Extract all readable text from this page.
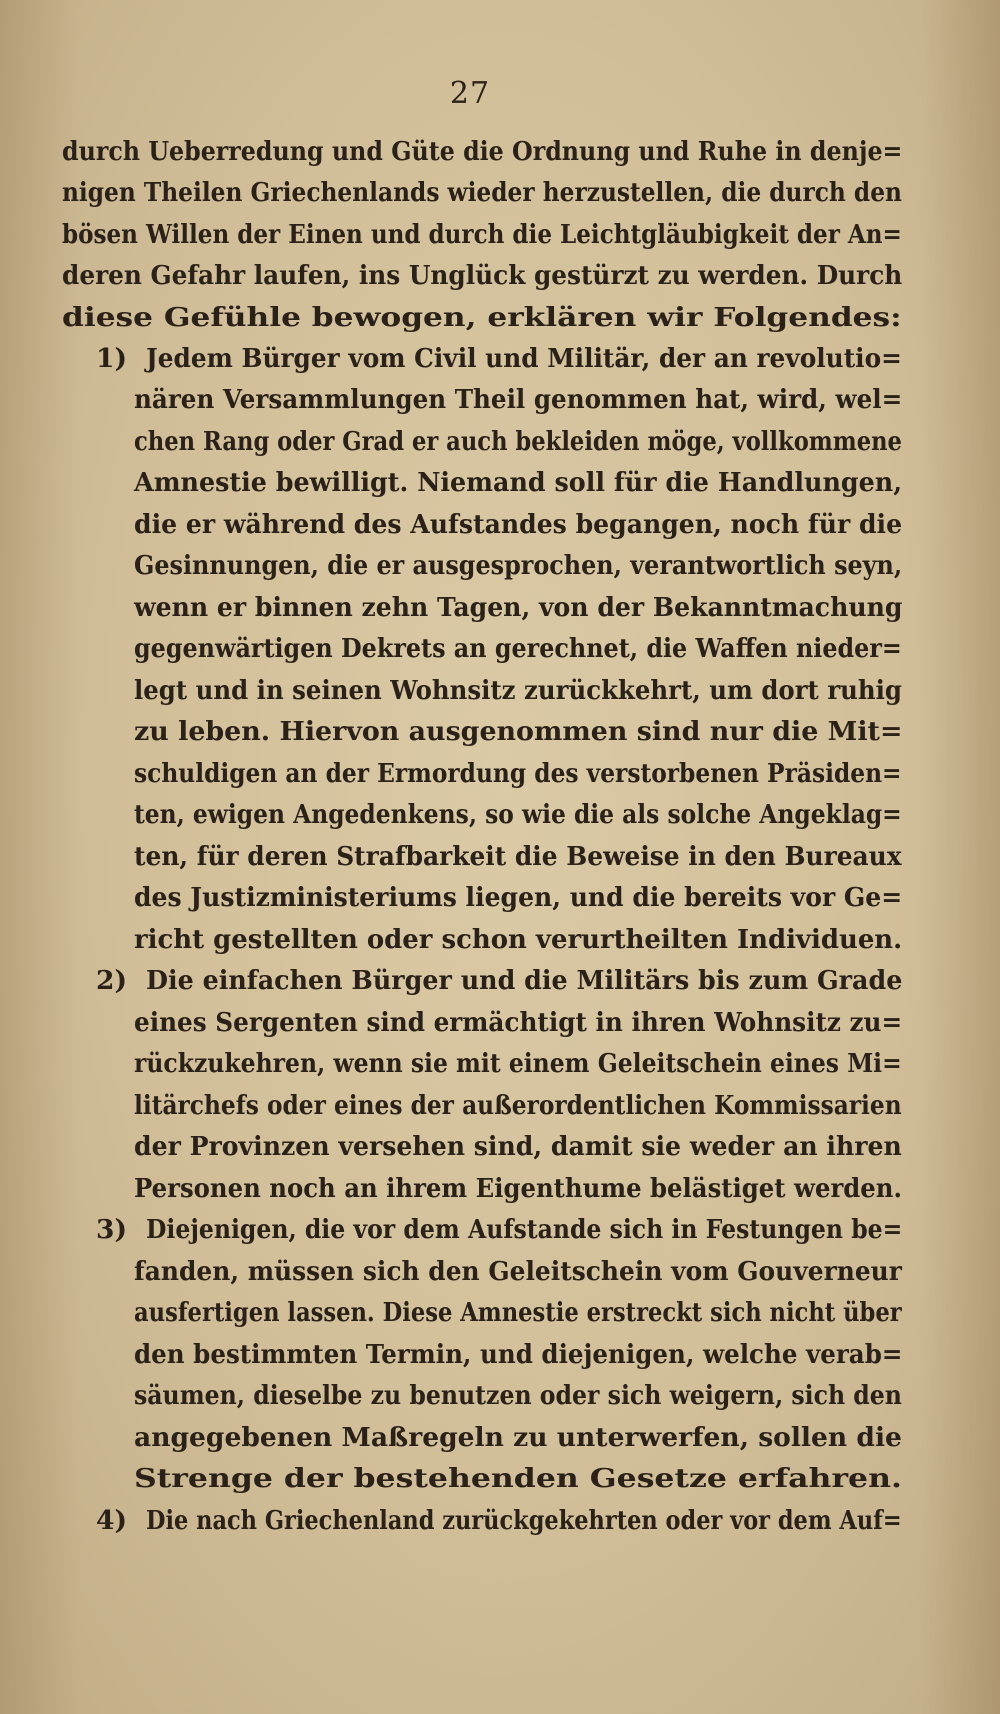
27
durch Ueberredung und Güte die Ordnung und Ruhe in denje=
nigen Theilen Griechenlands wieder herzustellen, die durch den
bösen Willen der Einen und durch die Leichtgläubigkeit der An=
deren Gefahr laufen, ins Unglück gestürzt zu werden. Durch
diese Gefühle bewogen, erklären wir Folgendes:
1) Jedem Bürger vom Civil und Militär, der an revolutio=
nären Versammlungen Theil genommen hat, wird, wel=
chen Rang oder Grad er auch bekleiden möge, vollkommene
Amnestie bewilligt. Niemand soll für die Handlungen,
die er während des Aufstandes begangen, noch für die
Gesinnungen, die er ausgesprochen, verantwortlich seyn,
wenn er binnen zehn Tagen, von der Bekanntmachung
gegenwärtigen Dekrets an gerechnet, die Waffen nieder=
legt und in seinen Wohnsitz zurückkehrt, um dort ruhig
zu leben. Hiervon ausgenommen sind nur die Mit=
schuldigen an der Ermordung des verstorbenen Präsiden=
ten, ewigen Angedenkens, so wie die als solche Angeklag=
ten, für deren Strafbarkeit die Beweise in den Bureaux
des Justizministeriums liegen, und die bereits vor Ge=
richt gestellten oder schon verurtheilten Individuen.
2) Die einfachen Bürger und die Militärs bis zum Grade
eines Sergenten sind ermächtigt in ihren Wohnsitz zu=
rückzukehren, wenn sie mit einem Geleitschein eines Mi=
litärchefs oder eines der außerordentlichen Kommissarien
der Provinzen versehen sind, damit sie weder an ihren
Personen noch an ihrem Eigenthume belästiget werden.
3) Diejenigen, die vor dem Aufstande sich in Festungen be=
fanden, müssen sich den Geleitschein vom Gouverneur
ausfertigen lassen. Diese Amnestie erstreckt sich nicht über
den bestimmten Termin, und diejenigen, welche verab=
säumen, dieselbe zu benutzen oder sich weigern, sich den
angegebenen Maßregeln zu unterwerfen, sollen die
Strenge der bestehenden Gesetze erfahren.
4) Die nach Griechenland zurückgekehrten oder vor dem Auf=
